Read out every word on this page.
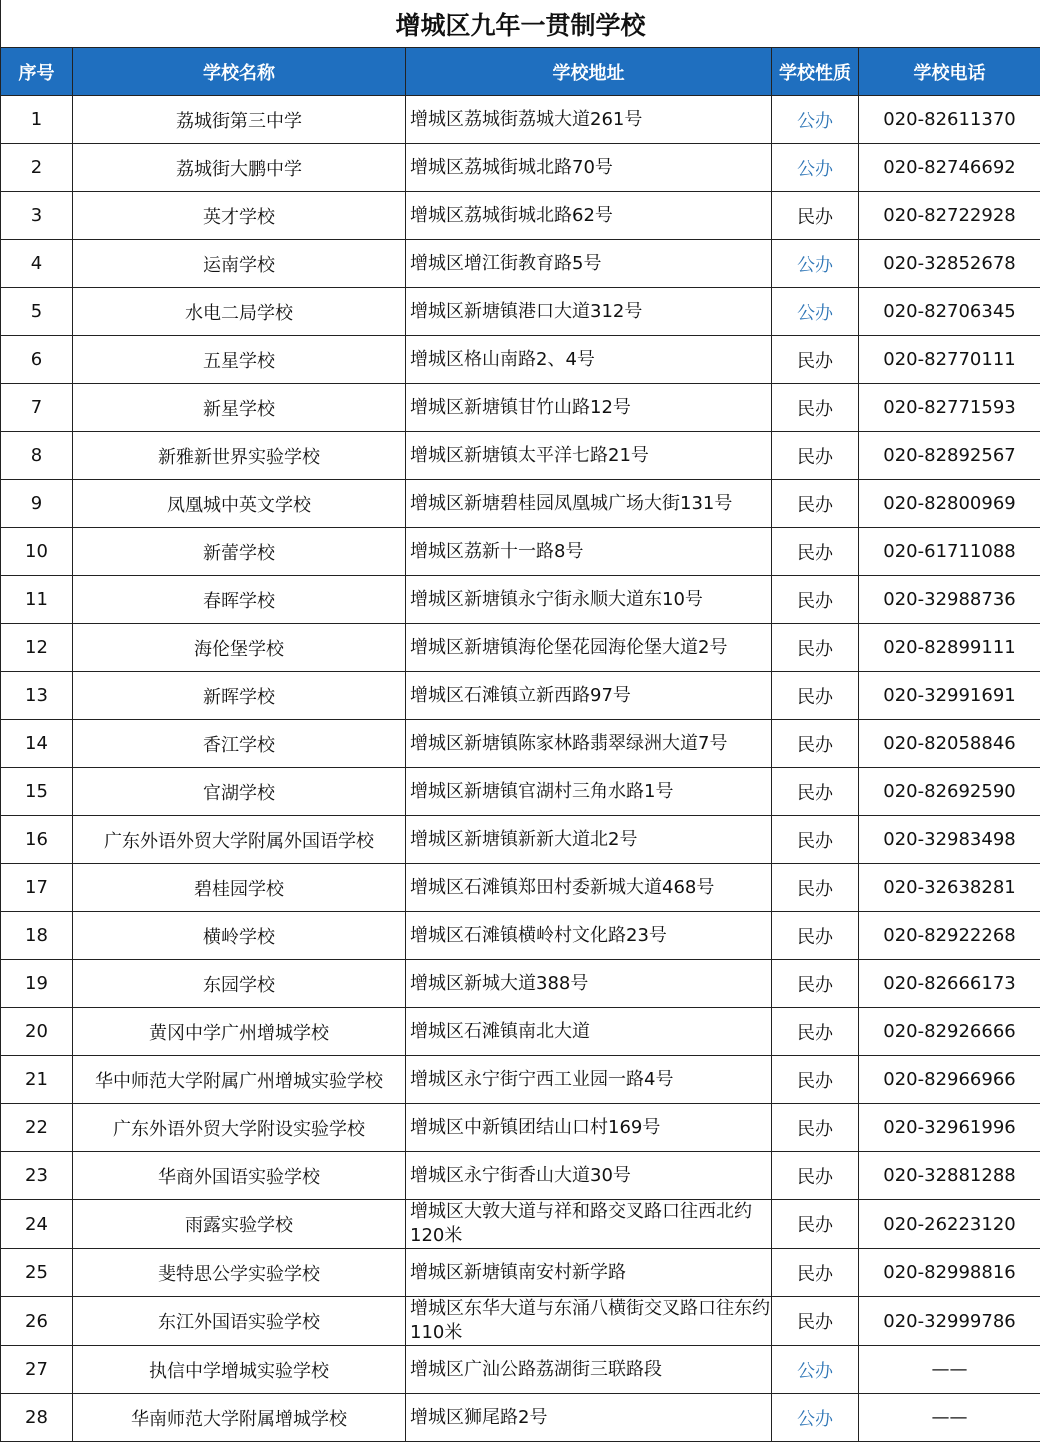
增城区九年一贯制学校				
序号	学校名称	学校地址	学校性质	学校电话
1	荔城街第三中学	增城区荔城街荔城大道261号	公办	020-82611370
2	荔城街大鹏中学	增城区荔城街城北路70号	公办	020-82746692
3	英才学校	增城区荔城街城北路62号	民办	020-82722928
4	运南学校	增城区增江街教育路5号	公办	020-32852678
5	水电二局学校	增城区新塘镇港口大道312号	公办	020-82706345
6	五星学校	增城区格山南路2、4号	民办	020-82770111
7	新星学校	增城区新塘镇甘竹山路12号	民办	020-82771593
8	新雅新世界实验学校	增城区新塘镇太平洋七路21号	民办	020-82892567
9	凤凰城中英文学校	增城区新塘碧桂园凤凰城广场大街131号	民办	020-82800969
10	新蕾学校	增城区荔新十一路8号	民办	020-61711088
11	春晖学校	增城区新塘镇永宁街永顺大道东10号	民办	020-32988736
12	海伦堡学校	增城区新塘镇海伦堡花园海伦堡大道2号	民办	020-82899111
13	新晖学校	增城区石滩镇立新西路97号	民办	020-32991691
14	香江学校	增城区新塘镇陈家林路翡翠绿洲大道7号	民办	020-82058846
15	官湖学校	增城区新塘镇官湖村三角水路1号	民办	020-82692590
16	广东外语外贸大学附属外国语学校	增城区新塘镇新新大道北2号	民办	020-32983498
17	碧桂园学校	增城区石滩镇郑田村委新城大道468号	民办	020-32638281
18	横岭学校	增城区石滩镇横岭村文化路23号	民办	020-82922268
19	东园学校	增城区新城大道388号	民办	020-82666173
20	黄冈中学广州增城学校	增城区石滩镇南北大道	民办	020-82926666
21	华中师范大学附属广州增城实验学校	增城区永宁街宁西工业园一路4号	民办	020-82966966
22	广东外语外贸大学附设实验学校	增城区中新镇团结山口村169号	民办	020-32961996
23	华商外国语实验学校	增城区永宁街香山大道30号	民办	020-32881288
24	雨露实验学校	增城区大敦大道与祥和路交叉路口往西北约120米	民办	020-26223120
25	斐特思公学实验学校	增城区新塘镇南安村新学路	民办	020-82998816
26	东江外国语实验学校	增城区东华大道与东涌八横街交叉路口往东约110米	民办	020-32999786
27	执信中学增城实验学校	增城区广汕公路荔湖街三联路段	公办	——
28	华南师范大学附属增城学校	增城区狮尾路2号	公办	——
